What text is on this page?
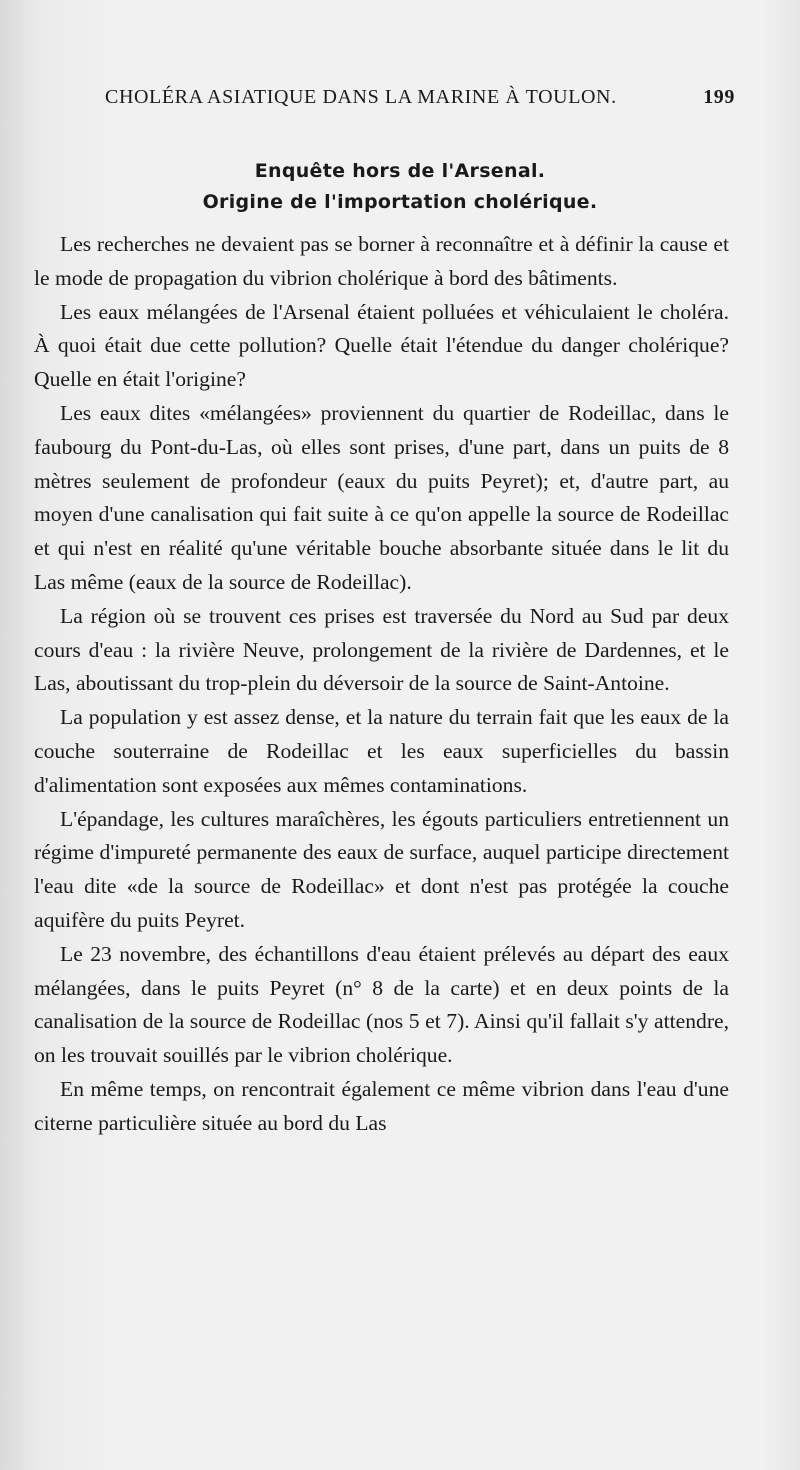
CHOLÉRA ASIATIQUE DANS LA MARINE À TOULON.	199
Enquête hors de l'Arsenal.
Origine de l'importation cholérique.

Les recherches ne devaient pas se borner à reconnaître et à définir la cause et le mode de propagation du vibrion cholérique à bord des bâtiments.

Les eaux mélangées de l'Arsenal étaient polluées et véhiculaient le choléra. À quoi était due cette pollution? Quelle était l'étendue du danger cholérique? Quelle en était l'origine?

Les eaux dites «mélangées» proviennent du quartier de Rodeillac, dans le faubourg du Pont-du-Las, où elles sont prises, d'une part, dans un puits de 8 mètres seulement de profondeur (eaux du puits Peyret); et, d'autre part, au moyen d'une canalisation qui fait suite à ce qu'on appelle la source de Rodeillac et qui n'est en réalité qu'une véritable bouche absorbante située dans le lit du Las même (eaux de la source de Rodeillac).

La région où se trouvent ces prises est traversée du Nord au Sud par deux cours d'eau : la rivière Neuve, prolongement de la rivière de Dardennes, et le Las, aboutissant du trop-plein du déversoir de la source de Saint-Antoine.

La population y est assez dense, et la nature du terrain fait que les eaux de la couche souterraine de Rodeillac et les eaux superficielles du bassin d'alimentation sont exposées aux mêmes contaminations.

L'épandage, les cultures maraîchères, les égouts particuliers entretiennent un régime d'impureté permanente des eaux de surface, auquel participe directement l'eau dite «de la source de Rodeillac» et dont n'est pas protégée la couche aquifère du puits Peyret.

Le 23 novembre, des échantillons d'eau étaient prélevés au départ des eaux mélangées, dans le puits Peyret (n° 8 de la carte) et en deux points de la canalisation de la source de Rodeillac (nos 5 et 7). Ainsi qu'il fallait s'y attendre, on les trouvait souillés par le vibrion cholérique.

En même temps, on rencontrait également ce même vibrion dans l'eau d'une citerne particulière située au bord du Las
